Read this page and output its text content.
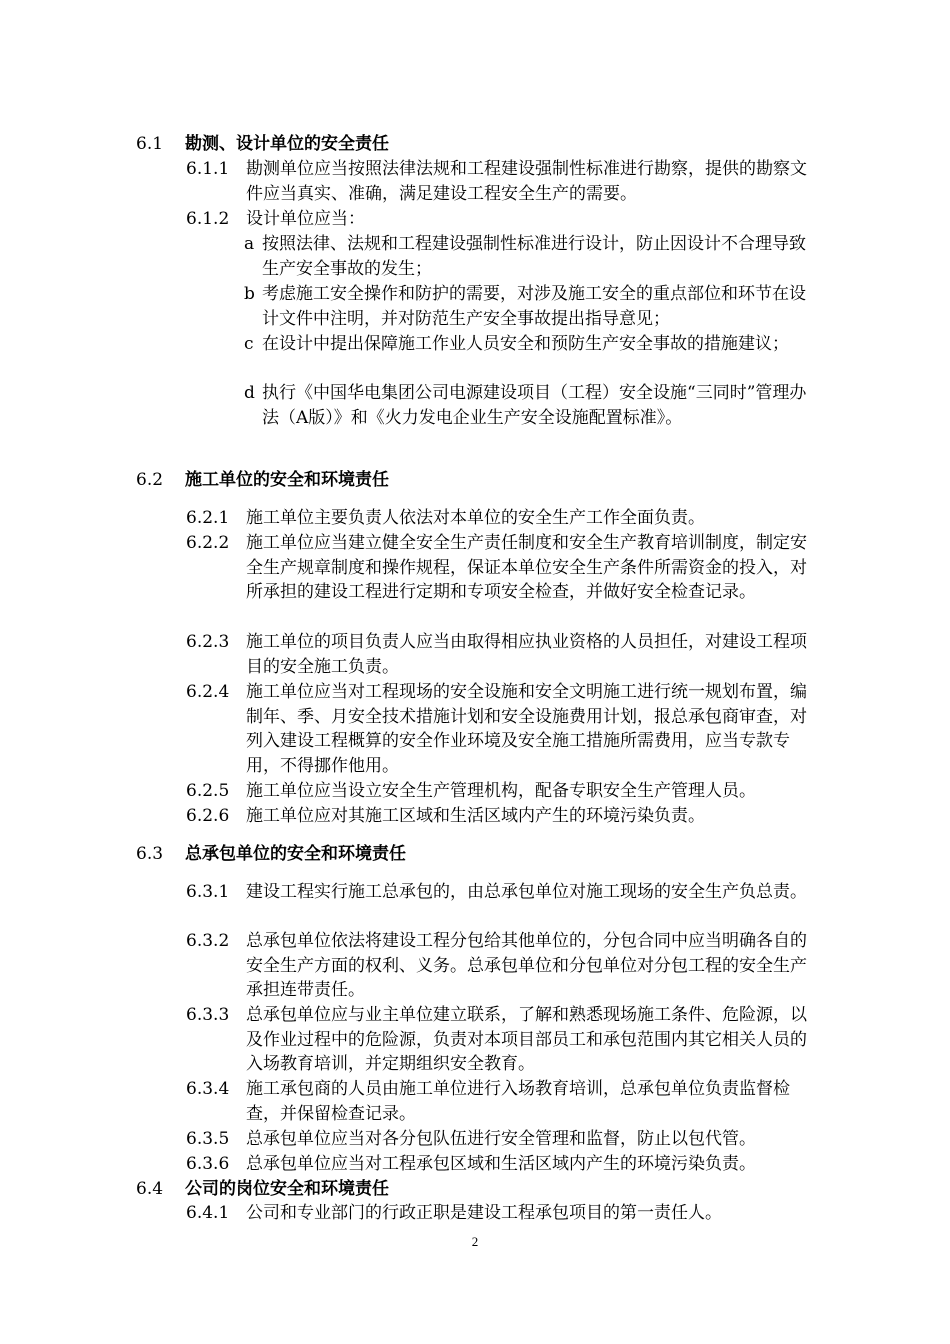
6.1 勘测、设计单位的安全责任
6.1.1 勘测单位应当按照法律法规和工程建设强制性标准进行勘察，提供的勘察文件应当真实、准确，满足建设工程安全生产的需要。
6.1.2 设计单位应当：
a 按照法律、法规和工程建设强制性标准进行设计，防止因设计不合理导致生产安全事故的发生；
b 考虑施工安全操作和防护的需要，对涉及施工安全的重点部位和环节在设计文件中注明，并对防范生产安全事故提出指导意见；
c 在设计中提出保障施工作业人员安全和预防生产安全事故的措施建议；
d 执行《中国华电集团公司电源建设项目（工程）安全设施“三同时”管理办法（A版）》和《火力发电企业生产安全设施配置标准》。
6.2 施工单位的安全和环境责任
6.2.1 施工单位主要负责人依法对本单位的安全生产工作全面负责。
6.2.2 施工单位应当建立健全安全生产责任制度和安全生产教育培训制度，制定安全生产规章制度和操作规程，保证本单位安全生产条件所需资金的投入，对所承担的建设工程进行定期和专项安全检查，并做好安全检查记录。
6.2.3 施工单位的项目负责人应当由取得相应执业资格的人员担任，对建设工程项目的安全施工负责。
6.2.4 施工单位应当对工程现场的安全设施和安全文明施工进行统一规划布置，编制年、季、月安全技术措施计划和安全设施费用计划，报总承包商审查，对列入建设工程概算的安全作业环境及安全施工措施所需费用，应当专款专用，不得挪作他用。
6.2.5 施工单位应当设立安全生产管理机构，配备专职安全生产管理人员。
6.2.6 施工单位应对其施工区域和生活区域内产生的环境污染负责。
6.3 总承包单位的安全和环境责任
6.3.1 建设工程实行施工总承包的，由总承包单位对施工现场的安全生产负总责。
6.3.2 总承包单位依法将建设工程分包给其他单位的，分包合同中应当明确各自的安全生产方面的权利、义务。总承包单位和分包单位对分包工程的安全生产承担连带责任。
6.3.3 总承包单位应与业主单位建立联系，了解和熟悉现场施工条件、危险源，以及作业过程中的危险源，负责对本项目部员工和承包范围内其它相关人员的入场教育培训，并定期组织安全教育。
6.3.4 施工承包商的人员由施工单位进行入场教育培训，总承包单位负责监督检查，并保留检查记录。
6.3.5 总承包单位应当对各分包队伍进行安全管理和监督，防止以包代管。
6.3.6 总承包单位应当对工程承包区域和生活区域内产生的环境污染负责。
6.4 公司的岗位安全和环境责任
6.4.1 公司和专业部门的行政正职是建设工程承包项目的第一责任人。
2
